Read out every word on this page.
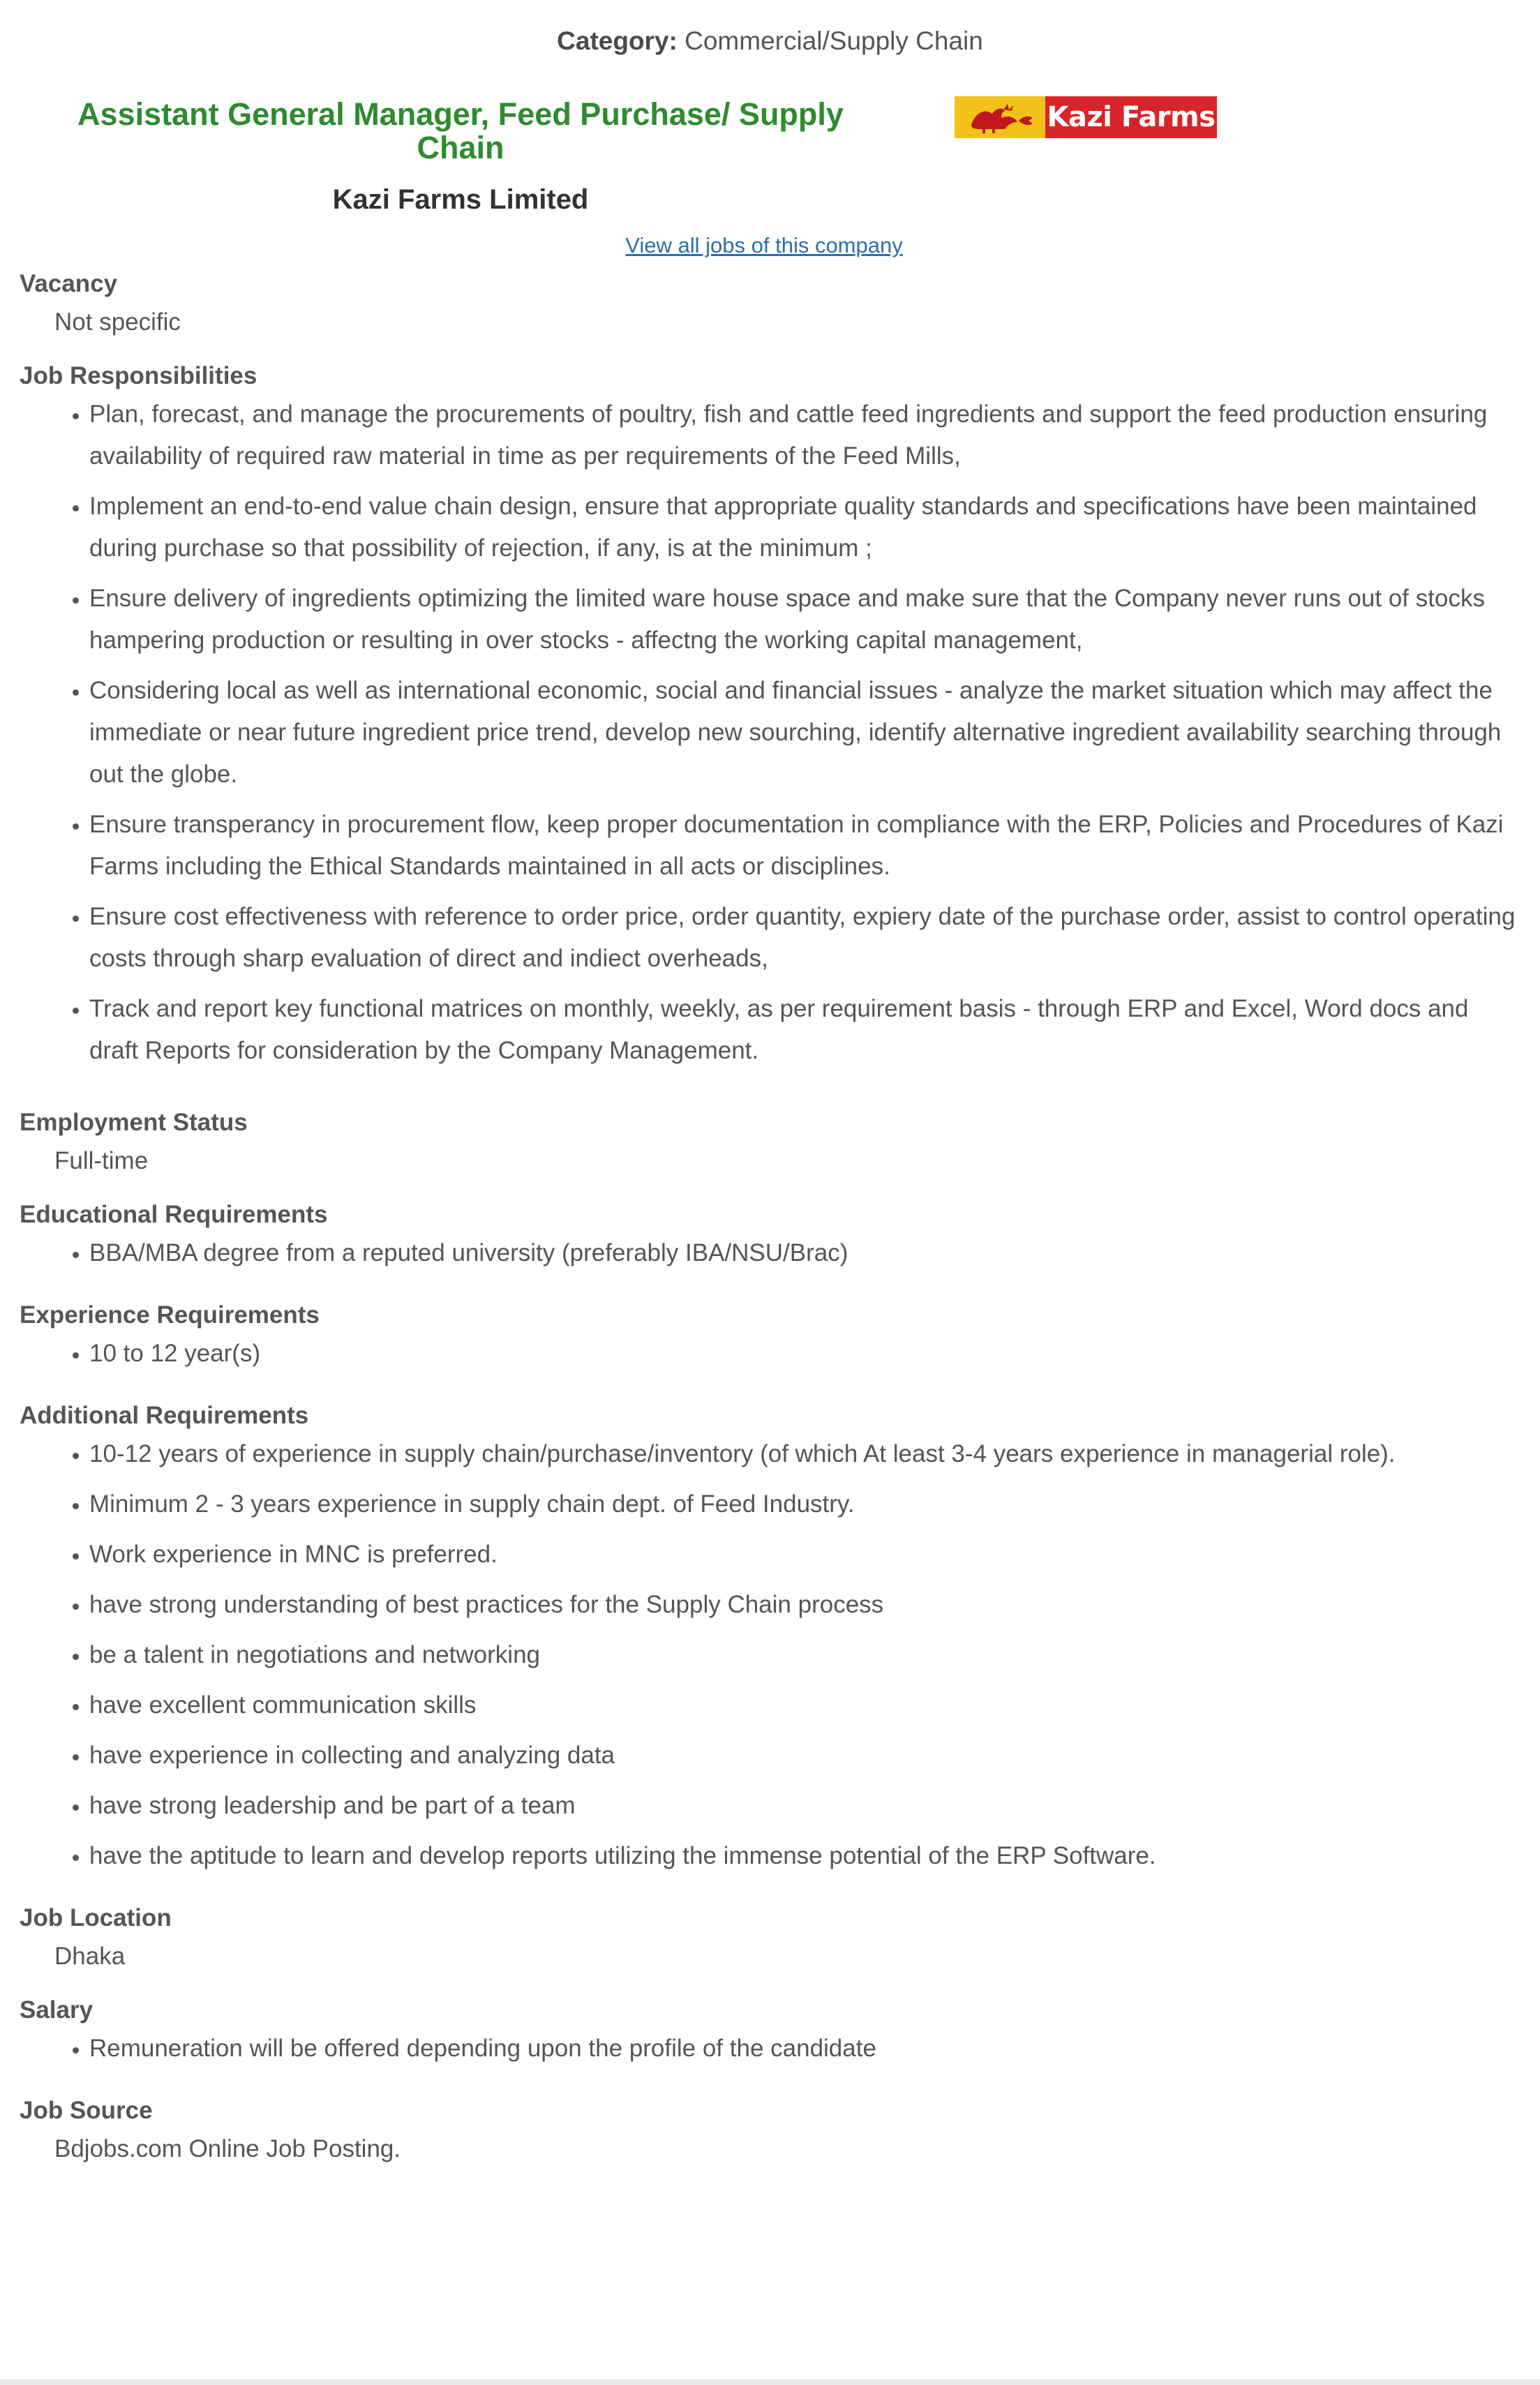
Category: Commercial/Supply Chain
Assistant General Manager, Feed Purchase/ Supply Chain
Kazi Farms
Kazi Farms Limited
View all jobs of this company
Vacancy
Not specific
Job Responsibilities
• Plan, forecast, and manage the procurements of poultry, fish and cattle feed ingredients and support the feed production ensuring availability of required raw material in time as per requirements of the Feed Mills,
• Implement an end-to-end value chain design, ensure that appropriate quality standards and specifications have been maintained during purchase so that possibility of rejection, if any, is at the minimum ;
• Ensure delivery of ingredients optimizing the limited ware house space and make sure that the Company never runs out of stocks hampering production or resulting in over stocks - affectng the working capital management,
• Considering local as well as international economic, social and financial issues - analyze the market situation which may affect the immediate or near future ingredient price trend, develop new sourching, identify alternative ingredient availability searching through out the globe.
• Ensure transperancy in procurement flow, keep proper documentation in compliance with the ERP, Policies and Procedures of Kazi Farms including the Ethical Standards maintained in all acts or disciplines.
• Ensure cost effectiveness with reference to order price, order quantity, expiery date of the purchase order, assist to control operating costs through sharp evaluation of direct and indiect overheads,
• Track and report key functional matrices on monthly, weekly, as per requirement basis - through ERP and Excel, Word docs and draft Reports for consideration by the Company Management.
Employment Status
Full-time
Educational Requirements
• BBA/MBA degree from a reputed university (preferably IBA/NSU/Brac)
Experience Requirements
• 10 to 12 year(s)
Additional Requirements
• 10-12 years of experience in supply chain/purchase/inventory (of which At least 3-4 years experience in managerial role).
• Minimum 2 - 3 years experience in supply chain dept. of Feed Industry.
• Work experience in MNC is preferred.
• have strong understanding of best practices for the Supply Chain process
• be a talent in negotiations and networking
• have excellent communication skills
• have experience in collecting and analyzing data
• have strong leadership and be part of a team
• have the aptitude to learn and develop reports utilizing the immense potential of the ERP Software.
Job Location
Dhaka
Salary
• Remuneration will be offered depending upon the profile of the candidate
Job Source
Bdjobs.com Online Job Posting.
